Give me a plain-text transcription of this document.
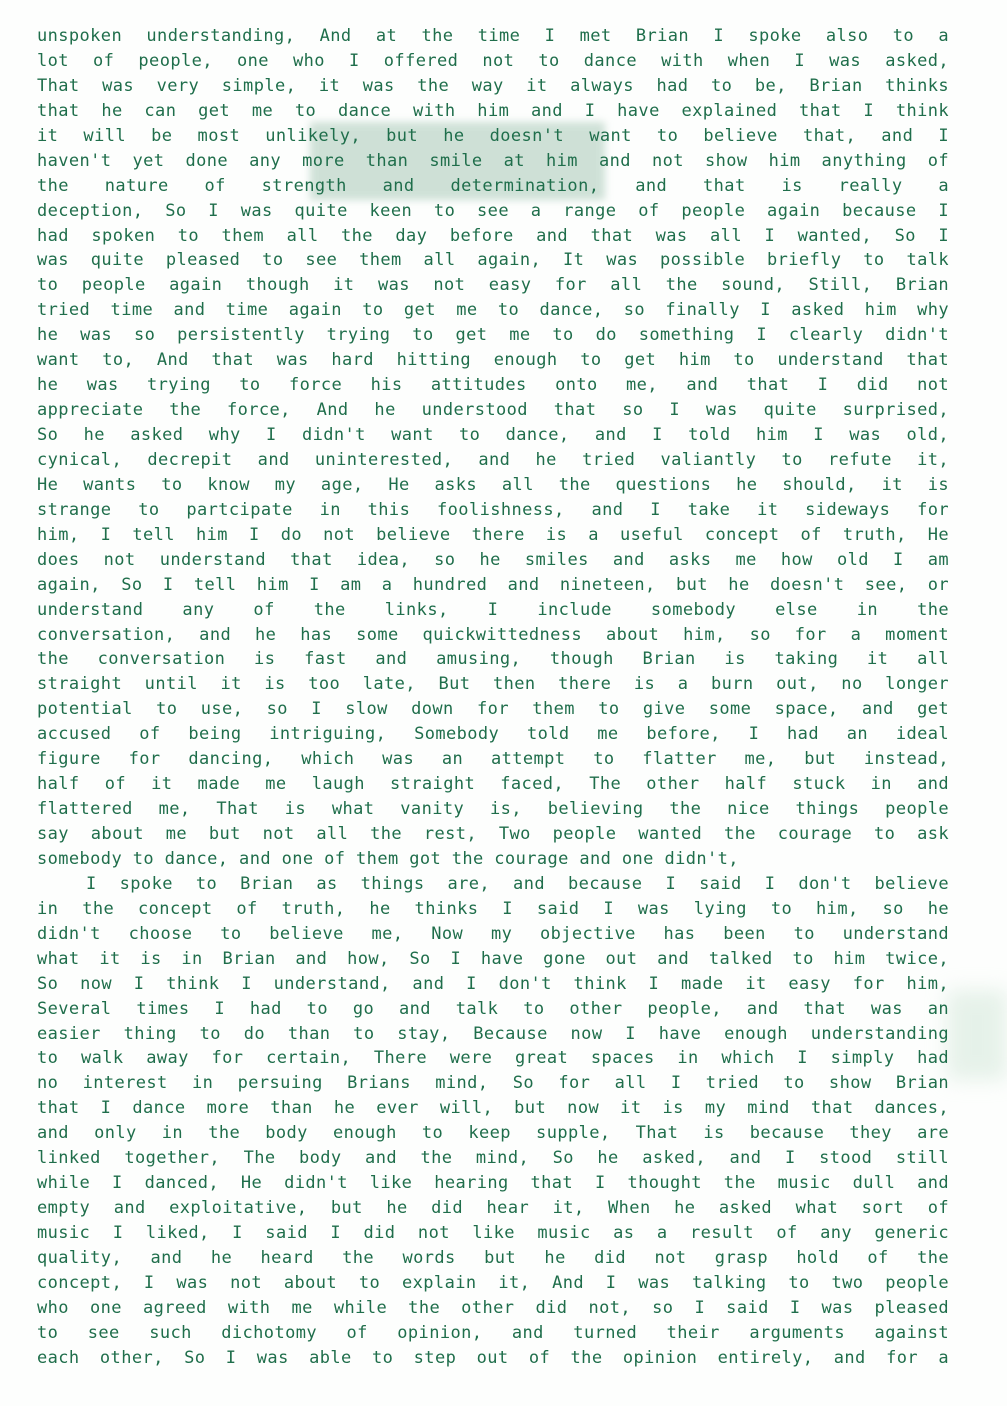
unspoken understanding, And at the time I met Brian I spoke also to a
lot of people, one who I offered not to dance with when I was asked,
That was very simple, it was the way it always had to be, Brian thinks
that he can get me to dance with him and I have explained that I think
it will be most unlikely, but he doesn't want to believe that, and I
haven't yet done any more than smile at him and not show him anything of
the nature of strength and determination, and that is really a
deception, So I was quite keen to see a range of people again because I
had spoken to them all the day before and that was all I wanted, So I
was quite pleased to see them all again, It was possible briefly to talk
to people again though it was not easy for all the sound, Still, Brian
tried time and time again to get me to dance, so finally I asked him why
he was so persistently trying to get me to do something I clearly didn't
want to, And that was hard hitting enough to get him to understand that
he was trying to force his attitudes onto me, and that I did not
appreciate the force, And he understood that so I was quite surprised,
So he asked why I didn't want to dance, and I told him I was old,
cynical, decrepit and uninterested, and he tried valiantly to refute it,
He wants to know my age, He asks all the questions he should, it is
strange to partcipate in this foolishness, and I take it sideways for
him, I tell him I do not believe there is a useful concept of truth, He
does not understand that idea, so he smiles and asks me how old I am
again, So I tell him I am a hundred and nineteen, but he doesn't see, or
understand any of the links, I include somebody else in the
conversation, and he has some quickwittedness about him, so for a moment
the conversation is fast and amusing, though Brian is taking it all
straight until it is too late, But then there is a burn out, no longer
potential to use, so I slow down for them to give some space, and get
accused of being intriguing, Somebody told me before, I had an ideal
figure for dancing, which was an attempt to flatter me, but instead,
half of it made me laugh straight faced, The other half stuck in and
flattered me, That is what vanity is, believing the nice things people
say about me but not all the rest, Two people wanted the courage to ask
somebody to dance, and one of them got the courage and one didn't,
I spoke to Brian as things are, and because I said I don't believe
in the concept of truth, he thinks I said I was lying to him, so he
didn't choose to believe me, Now my objective has been to understand
what it is in Brian and how, So I have gone out and talked to him twice,
So now I think I understand, and I don't think I made it easy for him,
Several times I had to go and talk to other people, and that was an
easier thing to do than to stay, Because now I have enough understanding
to walk away for certain, There were great spaces in which I simply had
no interest in persuing Brians mind, So for all I tried to show Brian
that I dance more than he ever will, but now it is my mind that dances,
and only in the body enough to keep supple, That is because they are
linked together, The body and the mind, So he asked, and I stood still
while I danced, He didn't like hearing that I thought the music dull and
empty and exploitative, but he did hear it, When he asked what sort of
music I liked, I said I did not like music as a result of any generic
quality, and he heard the words but he did not grasp hold of the
concept, I was not about to explain it, And I was talking to two people
who one agreed with me while the other did not, so I said I was pleased
to see such dichotomy of opinion, and turned their arguments against
each other, So I was able to step out of the opinion entirely, and for a
